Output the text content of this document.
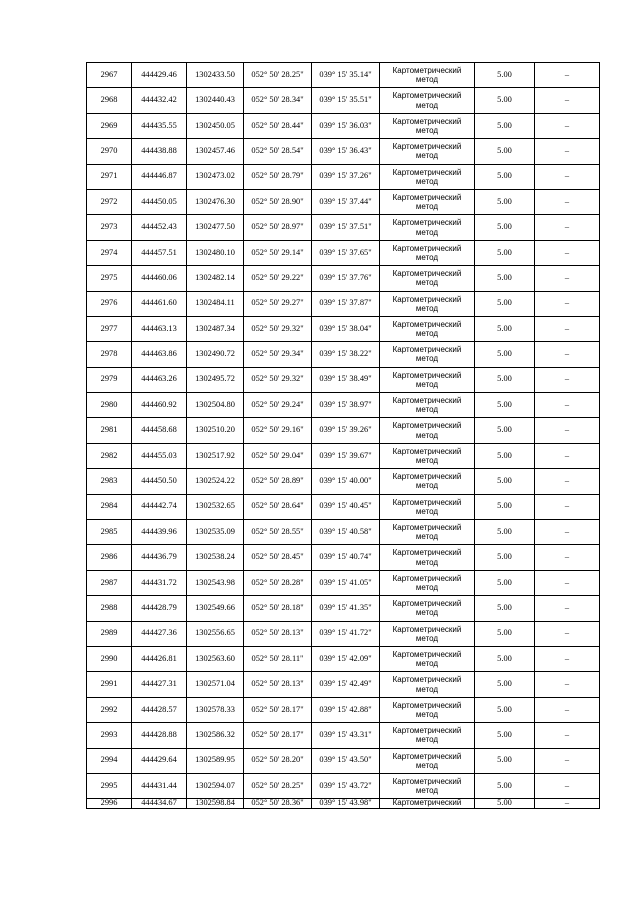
2967	444429.46	1302433.50	052° 50' 28.25"	039° 15' 35.14"	Картометрический метод	5.00	–
2968	444432.42	1302440.43	052° 50' 28.34"	039° 15' 35.51"	Картометрический метод	5.00	–
2969	444435.55	1302450.05	052° 50' 28.44"	039° 15' 36.03"	Картометрический метод	5.00	–
2970	444438.88	1302457.46	052° 50' 28.54"	039° 15' 36.43"	Картометрический метод	5.00	–
2971	444446.87	1302473.02	052° 50' 28.79"	039° 15' 37.26"	Картометрический метод	5.00	–
2972	444450.05	1302476.30	052° 50' 28.90"	039° 15' 37.44"	Картометрический метод	5.00	–
2973	444452.43	1302477.50	052° 50' 28.97"	039° 15' 37.51"	Картометрический метод	5.00	–
2974	444457.51	1302480.10	052° 50' 29.14"	039° 15' 37.65"	Картометрический метод	5.00	–
2975	444460.06	1302482.14	052° 50' 29.22"	039° 15' 37.76"	Картометрический метод	5.00	–
2976	444461.60	1302484.11	052° 50' 29.27"	039° 15' 37.87"	Картометрический метод	5.00	–
2977	444463.13	1302487.34	052° 50' 29.32"	039° 15' 38.04"	Картометрический метод	5.00	–
2978	444463.86	1302490.72	052° 50' 29.34"	039° 15' 38.22"	Картометрический метод	5.00	–
2979	444463.26	1302495.72	052° 50' 29.32"	039° 15' 38.49"	Картометрический метод	5.00	–
2980	444460.92	1302504.80	052° 50' 29.24"	039° 15' 38.97"	Картометрический метод	5.00	–
2981	444458.68	1302510.20	052° 50' 29.16"	039° 15' 39.26"	Картометрический метод	5.00	–
2982	444455.03	1302517.92	052° 50' 29.04"	039° 15' 39.67"	Картометрический метод	5.00	–
2983	444450.50	1302524.22	052° 50' 28.89"	039° 15' 40.00"	Картометрический метод	5.00	–
2984	444442.74	1302532.65	052° 50' 28.64"	039° 15' 40.45"	Картометрический метод	5.00	–
2985	444439.96	1302535.09	052° 50' 28.55"	039° 15' 40.58"	Картометрический метод	5.00	–
2986	444436.79	1302538.24	052° 50' 28.45"	039° 15' 40.74"	Картометрический метод	5.00	–
2987	444431.72	1302543.98	052° 50' 28.28"	039° 15' 41.05"	Картометрический метод	5.00	–
2988	444428.79	1302549.66	052° 50' 28.18"	039° 15' 41.35"	Картометрический метод	5.00	–
2989	444427.36	1302556.65	052° 50' 28.13"	039° 15' 41.72"	Картометрический метод	5.00	–
2990	444426.81	1302563.60	052° 50' 28.11"	039° 15' 42.09"	Картометрический метод	5.00	–
2991	444427.31	1302571.04	052° 50' 28.13"	039° 15' 42.49"	Картометрический метод	5.00	–
2992	444428.57	1302578.33	052° 50' 28.17"	039° 15' 42.88"	Картометрический метод	5.00	–
2993	444428.88	1302586.32	052° 50' 28.17"	039° 15' 43.31"	Картометрический метод	5.00	–
2994	444429.64	1302589.95	052° 50' 28.20"	039° 15' 43.50"	Картометрический метод	5.00	–
2995	444431.44	1302594.07	052° 50' 28.25"	039° 15' 43.72"	Картометрический метод	5.00	–
2996	444434.67	1302598.84	052° 50' 28.36"	039° 15' 43.98"	Картометрический	5.00	–
